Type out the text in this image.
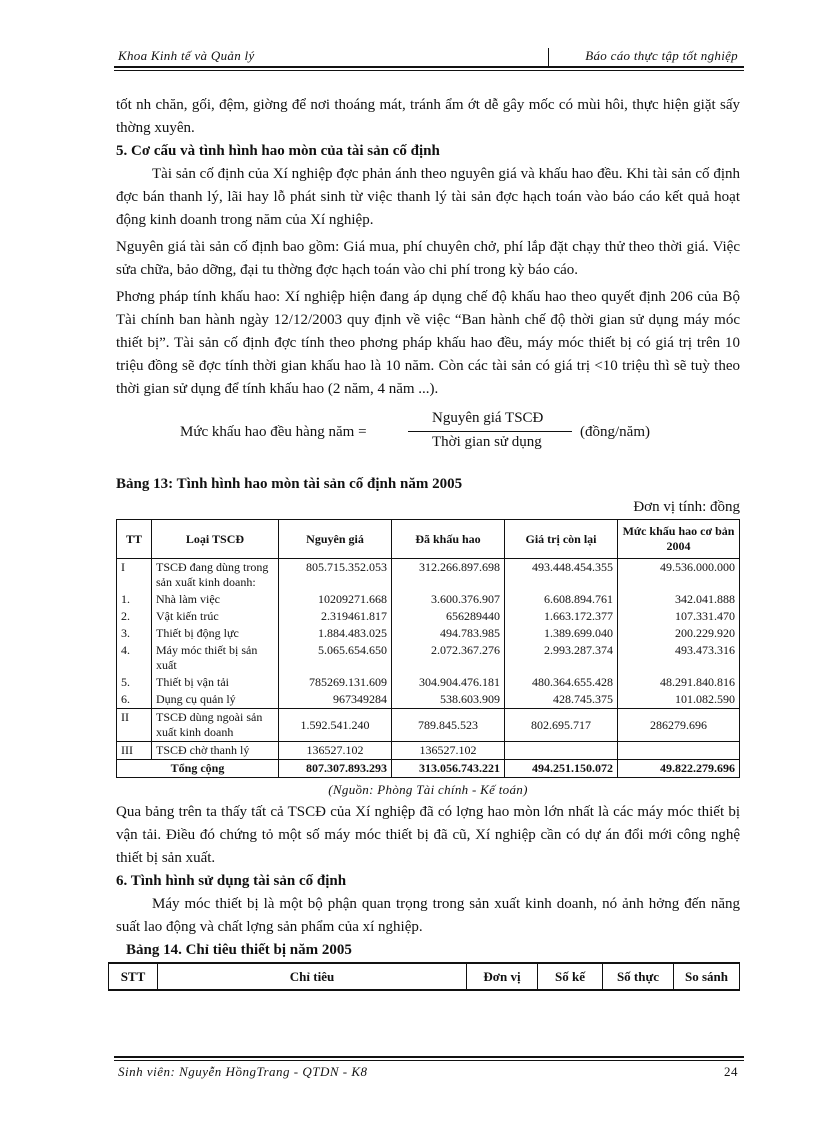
Khoa Kinh tế và Quản lý	Báo cáo thực tập tốt nghiệp

tốt nh chăn, gối, đệm, giờng để nơi thoáng mát, tránh ẩm ớt dễ gây mốc có mùi hôi, thực hiện giặt sấy thờng xuyên.

5. Cơ cấu và tình hình hao mòn của tài sản cố định

Tài sản cố định của Xí nghiệp đợc phản ánh theo nguyên giá và khấu hao đều. Khi tài sản cố định đợc bán thanh lý, lãi hay lỗ phát sinh từ việc thanh lý tài sản đợc hạch toán vào báo cáo kết quả hoạt động kinh doanh trong năm của Xí nghiệp.

Nguyên giá tài sản cố định bao gồm: Giá mua, phí chuyên chở, phí lắp đặt chạy thử theo thời giá. Việc sửa chữa, bảo dỡng, đại tu thờng đợc hạch toán vào chi phí trong kỳ báo cáo.

Phơng pháp tính khấu hao: Xí nghiệp hiện đang áp dụng chế độ khấu hao theo quyết định 206 của Bộ Tài chính ban hành ngày 12/12/2003 quy định về việc “Ban hành chế độ thời gian sử dụng máy móc thiết bị”. Tài sản cố định đợc tính theo phơng pháp khấu hao đều, máy móc thiết bị có giá trị trên 10 triệu đồng sẽ đợc tính thời gian khấu hao là 10 năm. Còn các tài sản có giá trị <10 triệu thì sẽ tuỳ theo thời gian sử dụng để tính khấu hao (2 năm, 4 năm ...).

Mức khấu hao đều hàng năm =
Nguyên giá TSCĐ
Thời gian sử dụng
(đồng/năm)

Bảng 13: Tình hình hao mòn tài sản cố định năm 2005

Đơn vị tính: đồng

TT	Loại TSCĐ	Nguyên giá	Đã khấu hao	Giá trị còn lại	Mức khấu hao cơ bản 2004
I	TSCĐ đang dùng trong sản xuất kinh doanh:	805.715.352.053	312.266.897.698	493.448.454.355	49.536.000.000
1.	Nhà làm việc	10209271.668	3.600.376.907	6.608.894.761	342.041.888
2.	Vật kiến trúc	2.319461.817	656289440	1.663.172.377	107.331.470
3.	Thiết bị động lực	1.884.483.025	494.783.985	1.389.699.040	200.229.920
4.	Máy móc thiết bị sản xuất	5.065.654.650	2.072.367.276	2.993.287.374	493.473.316
5.	Thiết bị vận tải	785269.131.609	304.904.476.181	480.364.655.428	48.291.840.816
6.	Dụng cụ quản lý	967349284	538.603.909	428.745.375	101.082.590
II	TSCĐ dùng ngoài sản xuất kinh doanh	1.592.541.240	789.845.523	802.695.717	286279.696
III	TSCĐ chờ thanh lý	136527.102	136527.102		
Tổng cộng		807.307.893.293	313.056.743.221	494.251.150.072	49.822.279.696

(Nguồn: Phòng Tài chính - Kế toán)

Qua bảng trên ta thấy tất cả TSCĐ của Xí nghiệp đã có lợng hao mòn lớn nhất là các máy móc thiết bị vận tải. Điều đó chứng tỏ một số máy móc thiết bị đã cũ, Xí nghiệp cần có dự án đổi mới công nghệ thiết bị sản xuất.

6. Tình hình sử dụng tài sản cố định

Máy móc thiết bị là một bộ phận quan trọng trong sản xuất kinh doanh, nó ảnh hởng đến năng suất lao động và chất lợng sản phẩm của xí nghiệp.

Bảng 14. Chỉ tiêu thiết bị năm 2005

STT	Chỉ tiêu	Đơn vị	Số kế	Số thực	So sánh
Sinh viên: Nguyễn HồngTrang - QTDN - K8	24
